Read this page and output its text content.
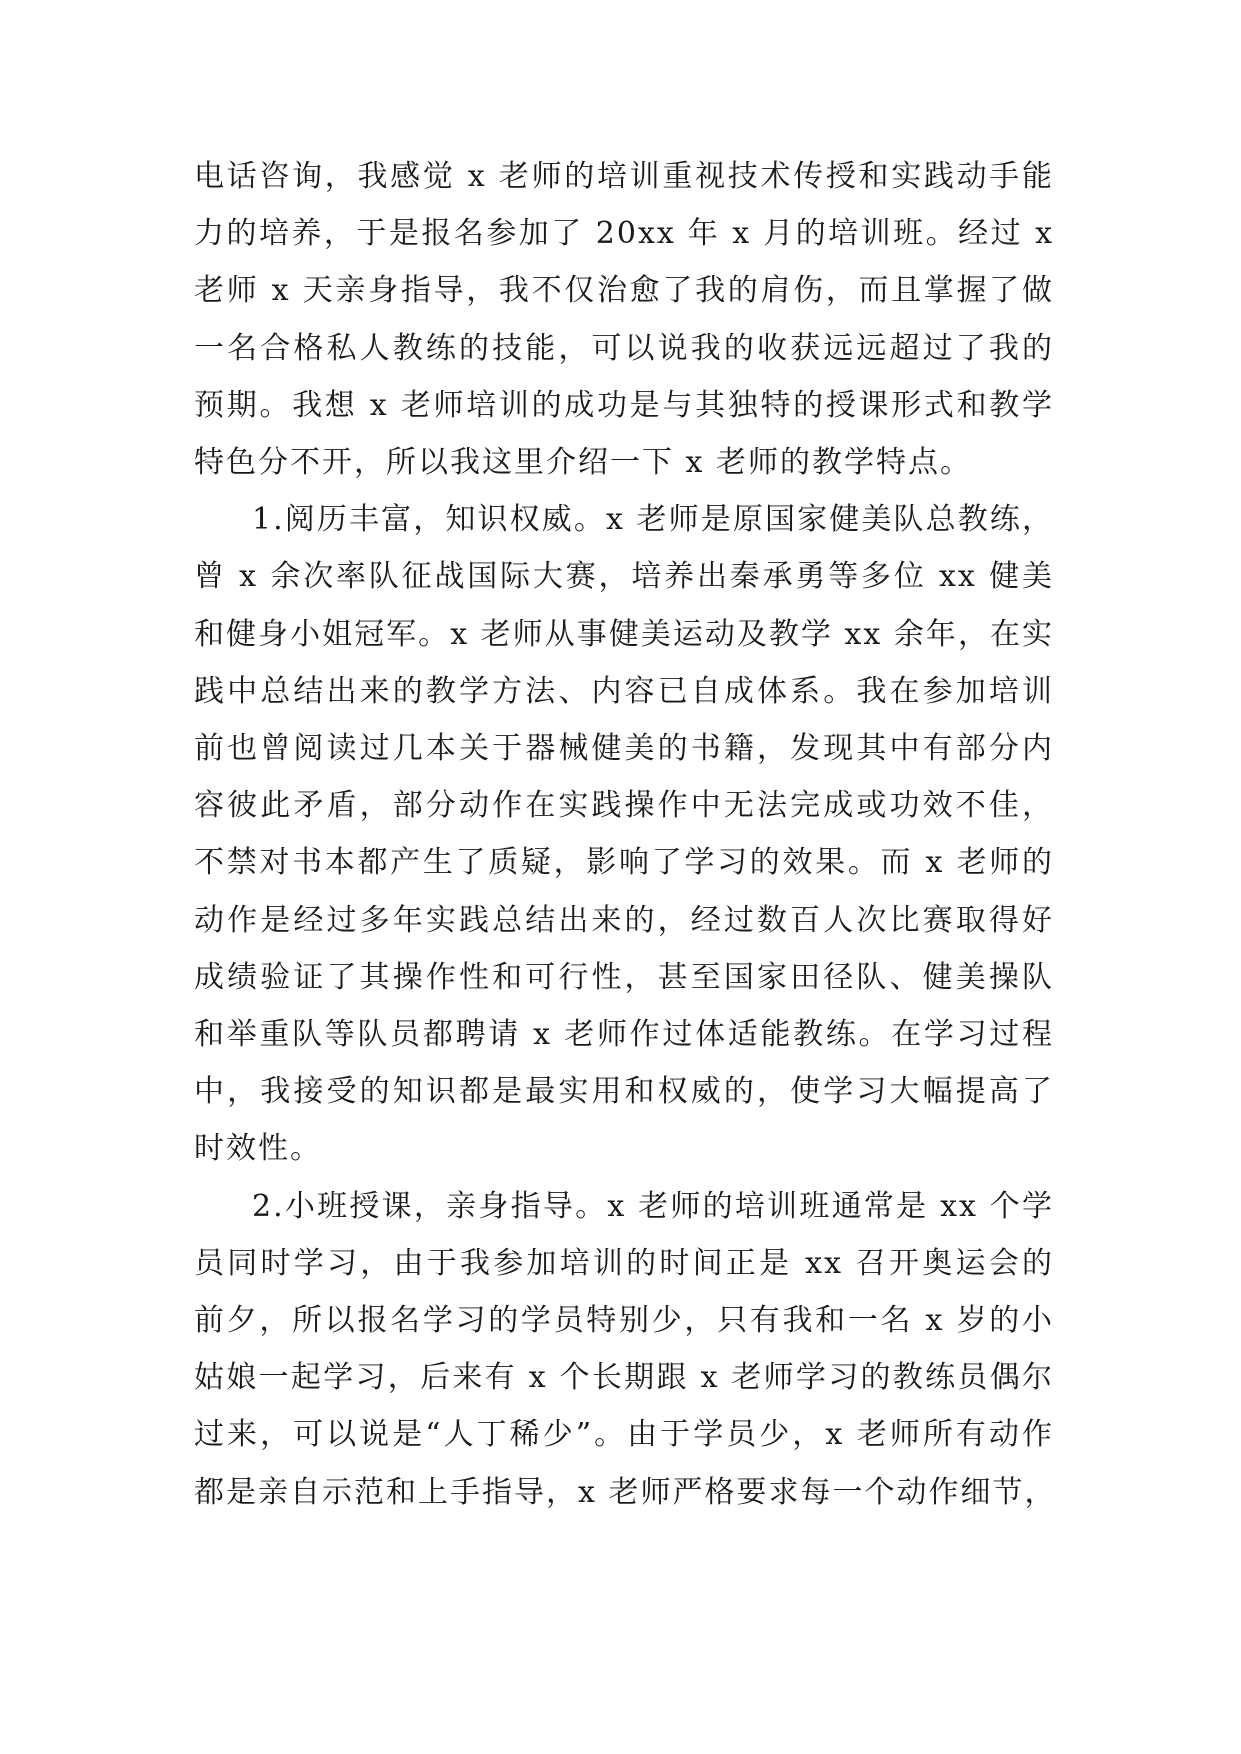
电话咨询，我感觉 x 老师的培训重视技术传授和实践动手能
力的培养，于是报名参加了 20xx 年 x 月的培训班。经过 x
老师 x 天亲身指导，我不仅治愈了我的肩伤，而且掌握了做
一名合格私人教练的技能，可以说我的收获远远超过了我的
预期。我想 x 老师培训的成功是与其独特的授课形式和教学
特色分不开，所以我这里介绍一下 x 老师的教学特点。
1.阅历丰富，知识权威。x 老师是原国家健美队总教练，
曾 x 余次率队征战国际大赛，培养出秦承勇等多位 xx 健美
和健身小姐冠军。x 老师从事健美运动及教学 xx 余年，在实
践中总结出来的教学方法、内容已自成体系。我在参加培训
前也曾阅读过几本关于器械健美的书籍，发现其中有部分内
容彼此矛盾，部分动作在实践操作中无法完成或功效不佳，
不禁对书本都产生了质疑，影响了学习的效果。而 x 老师的
动作是经过多年实践总结出来的，经过数百人次比赛取得好
成绩验证了其操作性和可行性，甚至国家田径队、健美操队
和举重队等队员都聘请 x 老师作过体适能教练。在学习过程
中，我接受的知识都是最实用和权威的，使学习大幅提高了
时效性。
2.小班授课，亲身指导。x 老师的培训班通常是 xx 个学
员同时学习，由于我参加培训的时间正是 xx 召开奥运会的
前夕，所以报名学习的学员特别少，只有我和一名 x 岁的小
姑娘一起学习，后来有 x 个长期跟 x 老师学习的教练员偶尔
过来，可以说是“人丁稀少”。由于学员少，x 老师所有动作
都是亲自示范和上手指导，x 老师严格要求每一个动作细节，
